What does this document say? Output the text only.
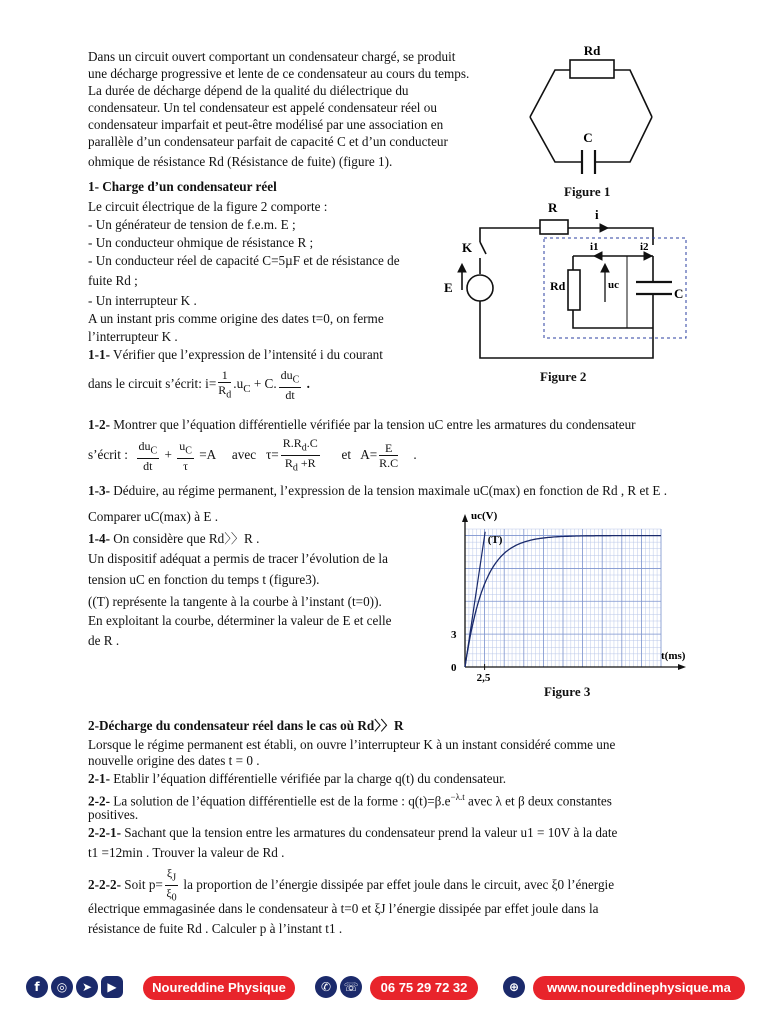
Dans un circuit ouvert comportant un condensateur chargé, se produit
une décharge progressive et lente de ce condensateur au cours du temps.
La durée de décharge dépend de la qualité du diélectrique du
condensateur. Un tel condensateur est appelé condensateur réel ou
condensateur imparfait et peut-être modélisé par une association en
parallèle d’un condensateur parfait de capacité C et d’un conducteur
ohmique de résistance Rd (Résistance de fuite) (figure 1).
Rd
C
Figure 1
1- Charge d’un condensateur réel
Le circuit électrique de la figure 2 comporte :
- Un générateur de tension de f.e.m. E ;
- Un conducteur ohmique de résistance R ;
- Un conducteur réel de capacité C=5µF et de résistance de
fuite Rd ;
- Un interrupteur K .
A un instant pris comme origine des dates t=0, on ferme
l’interrupteur K .
1-1- Vérifier que l’expression de l’intensité i du courant
dans le circuit s’écrit: $i= \frac{1}{R_d} .u_C + C$. $\frac{du_C}{dt}$ .
R	i
K
E
i1	i2
Rd	uc
C
Figure 2
1-2- Montrer que l’équation différentielle vérifiée par la tension uC entre les armatures du condensateur
s’écrit : $\frac{du_C}{dt} + \frac{u_C}{\tau} =A$     avec   $\tau= \frac{R.R_d.C}{R_d +R}$ et   $A= \frac{E}{R.C}$ .
1-3- Déduire, au régime permanent, l’expression de la tension maximale uC(max) en fonction de Rd , R et E .
Comparer uC(max) à E .
1-4- On considère que Rd〉〉R .
Un dispositif adéquat a permis de tracer l’évolution de la
tension uC en fonction du temps t (figure3).
((T) représente la tangente à la courbe à l’instant (t=0)).
En exploitant la courbe, déterminer la valeur de E et celle
de R .
uc(V)
t(ms)
(T)
0
3
2,5
Figure 3
2-Décharge du condensateur réel dans le cas où Rd〉〉R
Lorsque le régime permanent est établi, on ouvre l’interrupteur K à un instant considéré comme une
nouvelle origine des dates t = 0 .
2-1- Etablir l’équation différentielle vérifiée par la charge q(t) du condensateur.
2-2- La solution de l’équation différentielle est de la forme : $q(t)=\beta.e^{-\lambda.t}$ avec λ et β deux constantes
positives.
2-2-1- Sachant que la tension entre les armatures du condensateur prend la valeur u1 = 10V à la date
t1 =12min . Trouver la valeur de Rd .
2-2-2- Soit $p= \frac{\xi_J}{\xi_0}$ la proportion de l’énergie dissipée par effet joule dans le circuit, avec ξ0 l’énergie
électrique emmagasinée dans le condensateur à t=0 et ξJ l’énergie dissipée par effet joule dans la
résistance de fuite Rd . Calculer p à l’instant t1 .
f	◎	➤	▶	Noureddine Physique	✆	☏	06 75 29 72 32	⊕	www.noureddinephysique.ma
